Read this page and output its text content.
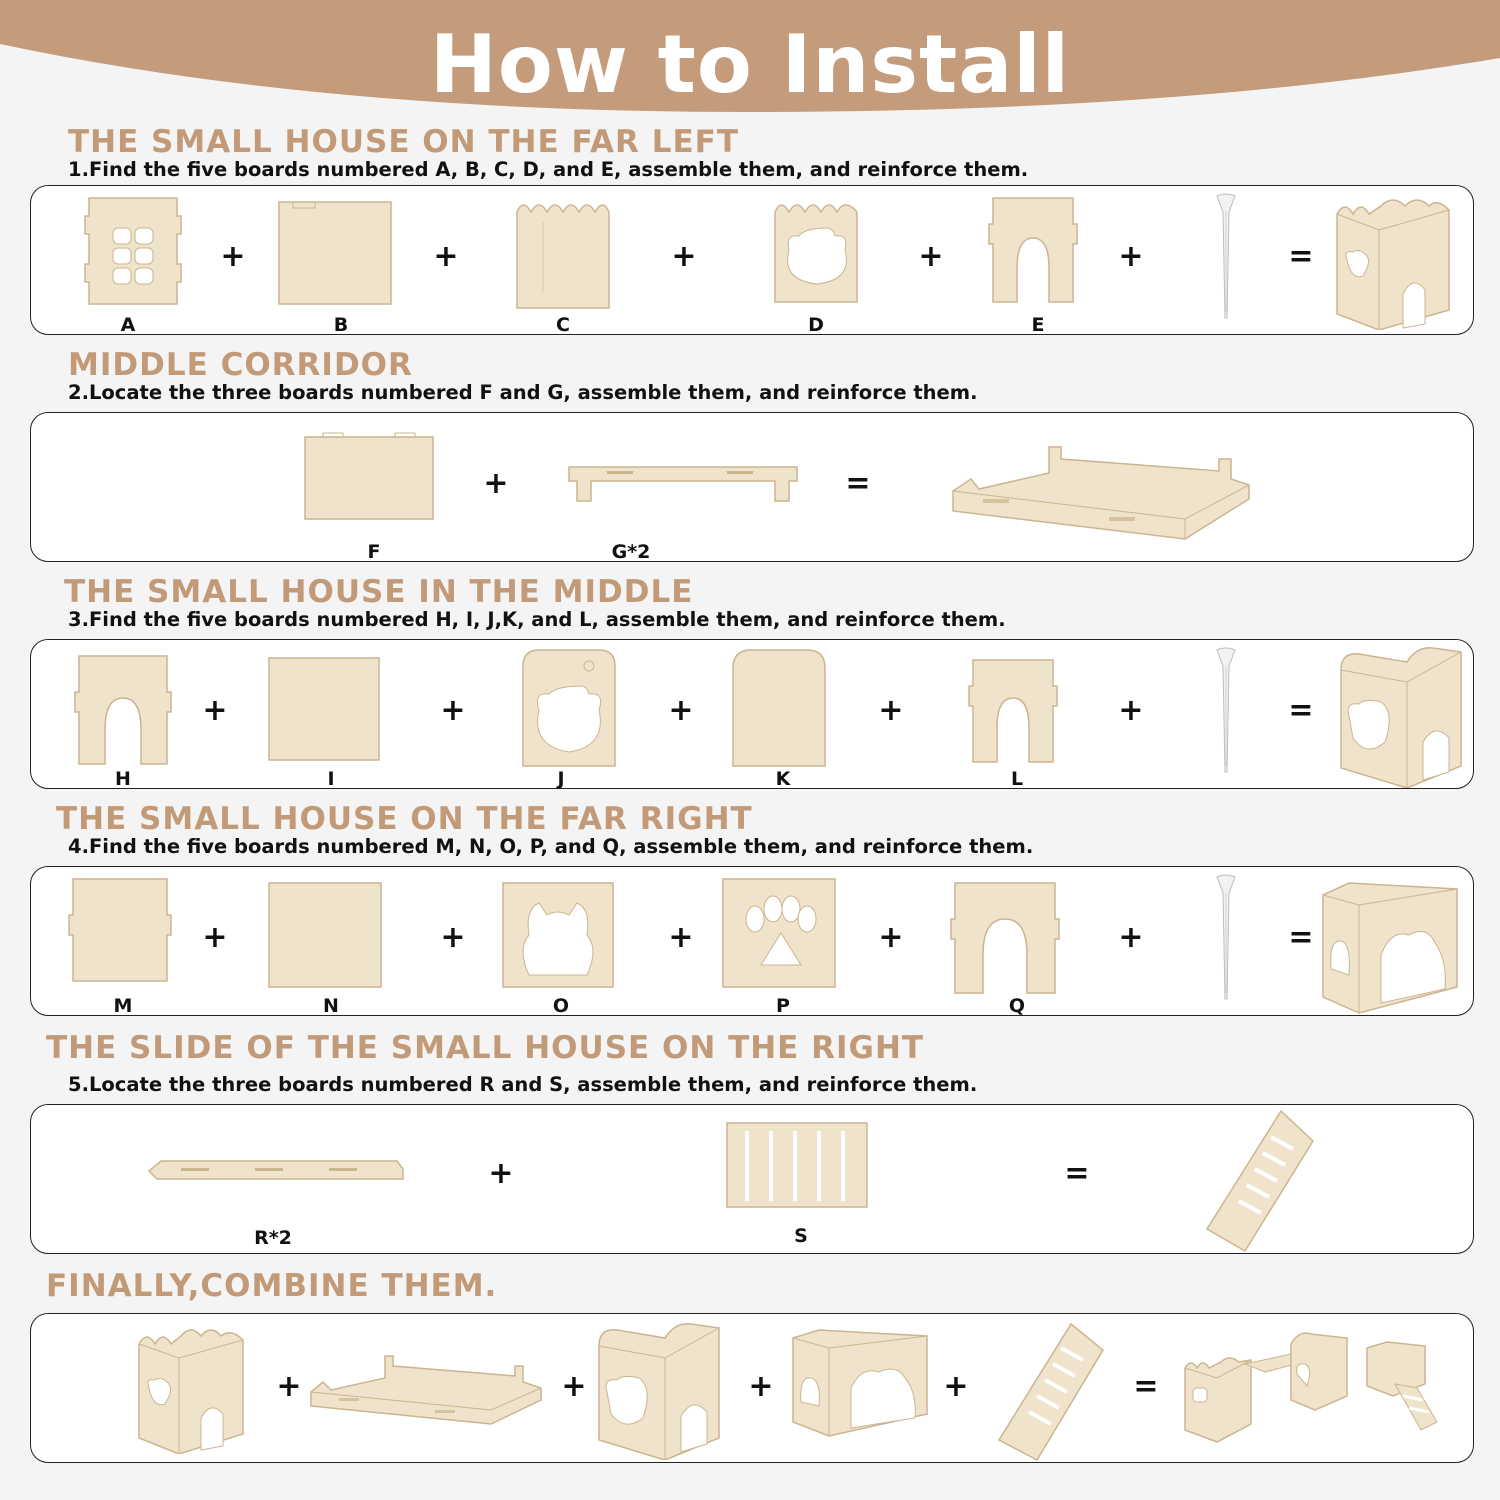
How to Install
THE SMALL HOUSE ON THE FAR LEFT
1.Find the five boards numbered A, B, C, D, and E, assemble them, and reinforce them.
A
+
B
+
C
+
D
+
E
+	=
MIDDLE CORRIDOR
2.Locate the three boards numbered F and G, assemble them, and reinforce them.
F
+
G*2
=
THE SMALL HOUSE IN THE MIDDLE
3.Find the five boards numbered H, I, J,K, and L, assemble them, and reinforce them.
H
+
I
+
J
+
K
+
L
+	=
THE SMALL HOUSE ON THE FAR RIGHT
4.Find the five boards numbered M, N, O, P, and Q, assemble them, and reinforce them.
M
+
N
+
O
+
P
+
Q
+	=
THE SLIDE OF THE SMALL HOUSE ON THE RIGHT
5.Locate the three boards numbered R and S, assemble them, and reinforce them.
R*2
+
S
=
FINALLY,COMBINE THEM.
+	+	+	+	=
